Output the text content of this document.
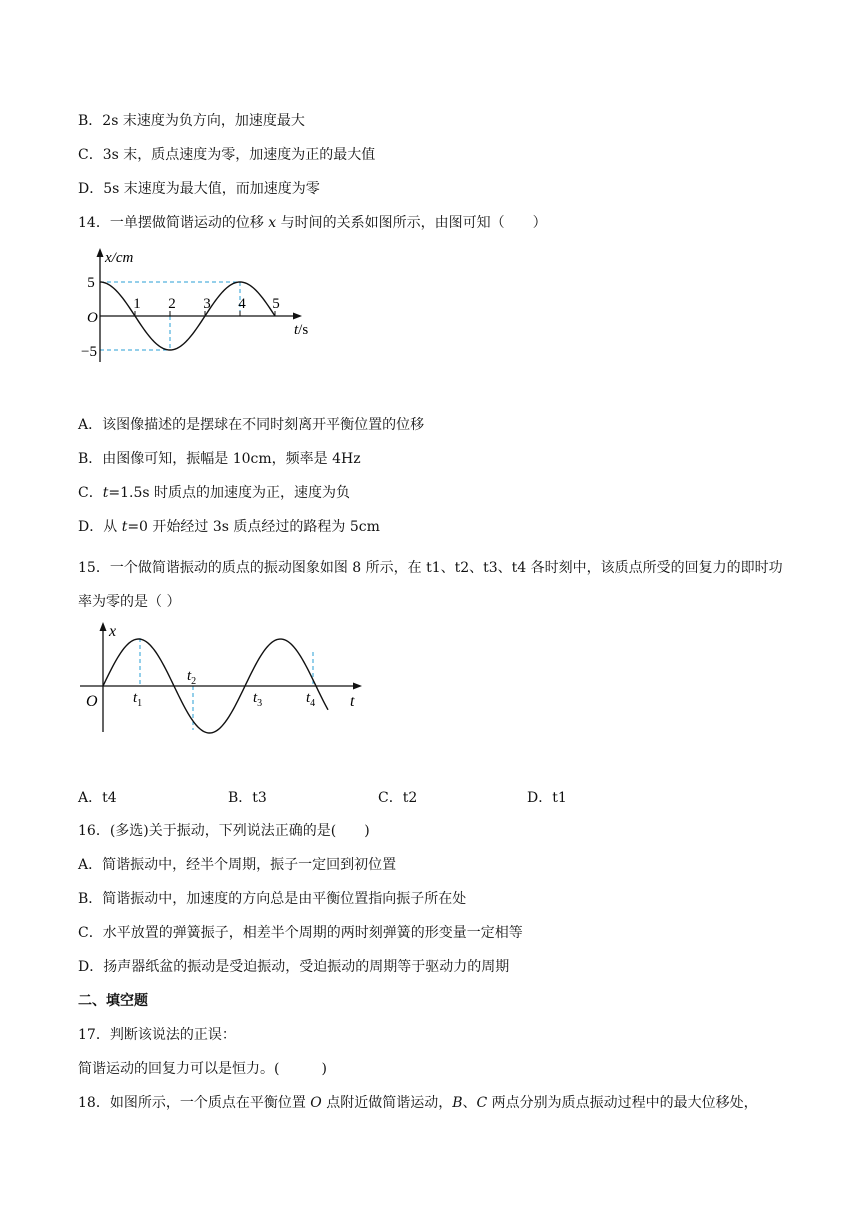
B．2s 末速度为负方向，加速度最大
C．3s 末，质点速度为零，加速度为正的最大值
D．5s 末速度为最大值，而加速度为零
14．一单摆做简谐运动的位移 x 与时间的关系如图所示，由图可知（　　）
x/cm
5
O
−5
1 2 3 4 5
t/s
A．该图像描述的是摆球在不同时刻离开平衡位置的位移
B．由图像可知，振幅是 10cm，频率是 4Hz
C．t=1.5s 时质点的加速度为正，速度为负
D．从 t=0 开始经过 3s 质点经过的路程为 5cm
15．一个做简谐振动的质点的振动图象如图 8 所示，在 t1、t2、t3、t4 各时刻中，该质点所受的回复力的即时功率为零的是（ ）
x
O $t_1$
$t_2$
$t_3$	$t_4$ t
A．t4	B．t3	C．t2	D．t1
16．(多选)关于振动，下列说法正确的是(　　)
A．简谐振动中，经半个周期，振子一定回到初位置
B．简谐振动中，加速度的方向总是由平衡位置指向振子所在处
C．水平放置的弹簧振子，相差半个周期的两时刻弹簧的形变量一定相等
D．扬声器纸盆的振动是受迫振动，受迫振动的周期等于驱动力的周期
二、填空题
17．判断该说法的正误：
简谐运动的回复力可以是恒力。(　　　)
18．如图所示，一个质点在平衡位置 O 点附近做简谐运动，B、C 两点分别为质点振动过程中的最大位移处，
